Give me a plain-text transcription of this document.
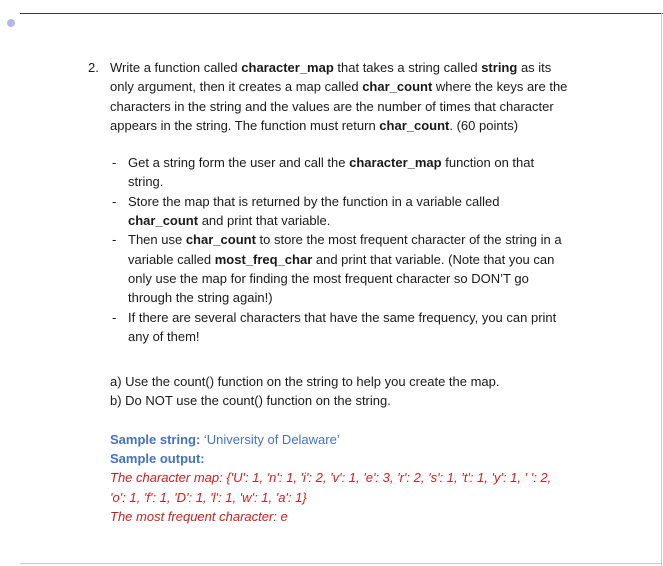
2. Write a function called character_map that takes a string called string as its only argument, then it creates a map called char_count where the keys are the characters in the string and the values are the number of times that character appears in the string. The function must return char_count. (60 points)
- Get a string form the user and call the character_map function on that string.
- Store the map that is returned by the function in a variable called char_count and print that variable.
- Then use char_count to store the most frequent character of the string in a variable called most_freq_char and print that variable. (Note that you can only use the map for finding the most frequent character so DON’T go through the string again!)
- If there are several characters that have the same frequency, you can print any of them!
a) Use the count() function on the string to help you create the map.
b) Do NOT use the count() function on the string.
Sample string: ‘University of Delaware’
Sample output:
The character map: {'U': 1, 'n': 1, 'i': 2, 'v': 1, 'e': 3, 'r': 2, 's': 1, 't': 1, 'y': 1, ' ': 2, 'o': 1, 'f': 1, 'D': 1, 'l': 1, 'w': 1, 'a': 1}
The most frequent character: e
